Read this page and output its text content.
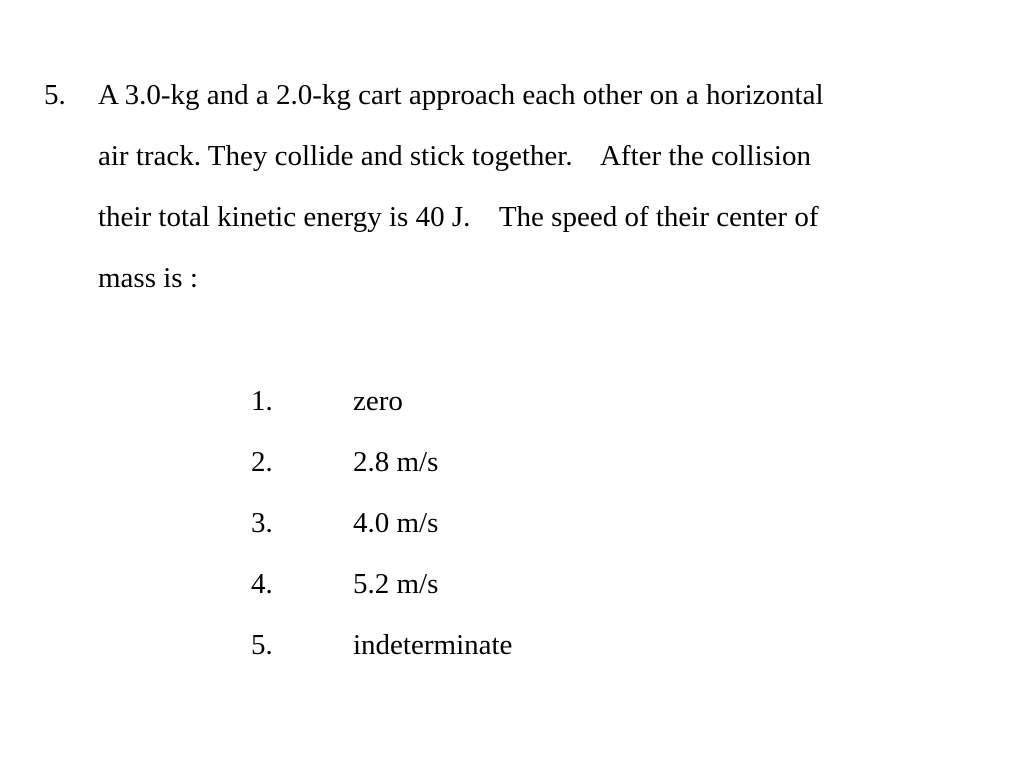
5. A 3.0-kg and a 2.0-kg cart approach each other on a horizontal
air track. They collide and stick together.    After the collision
their total kinetic energy is 40 J.    The speed of their center of
mass is :
1.	zero
2.	2.8 m/s
3.	4.0 m/s
4.	5.2 m/s
5.	indeterminate
